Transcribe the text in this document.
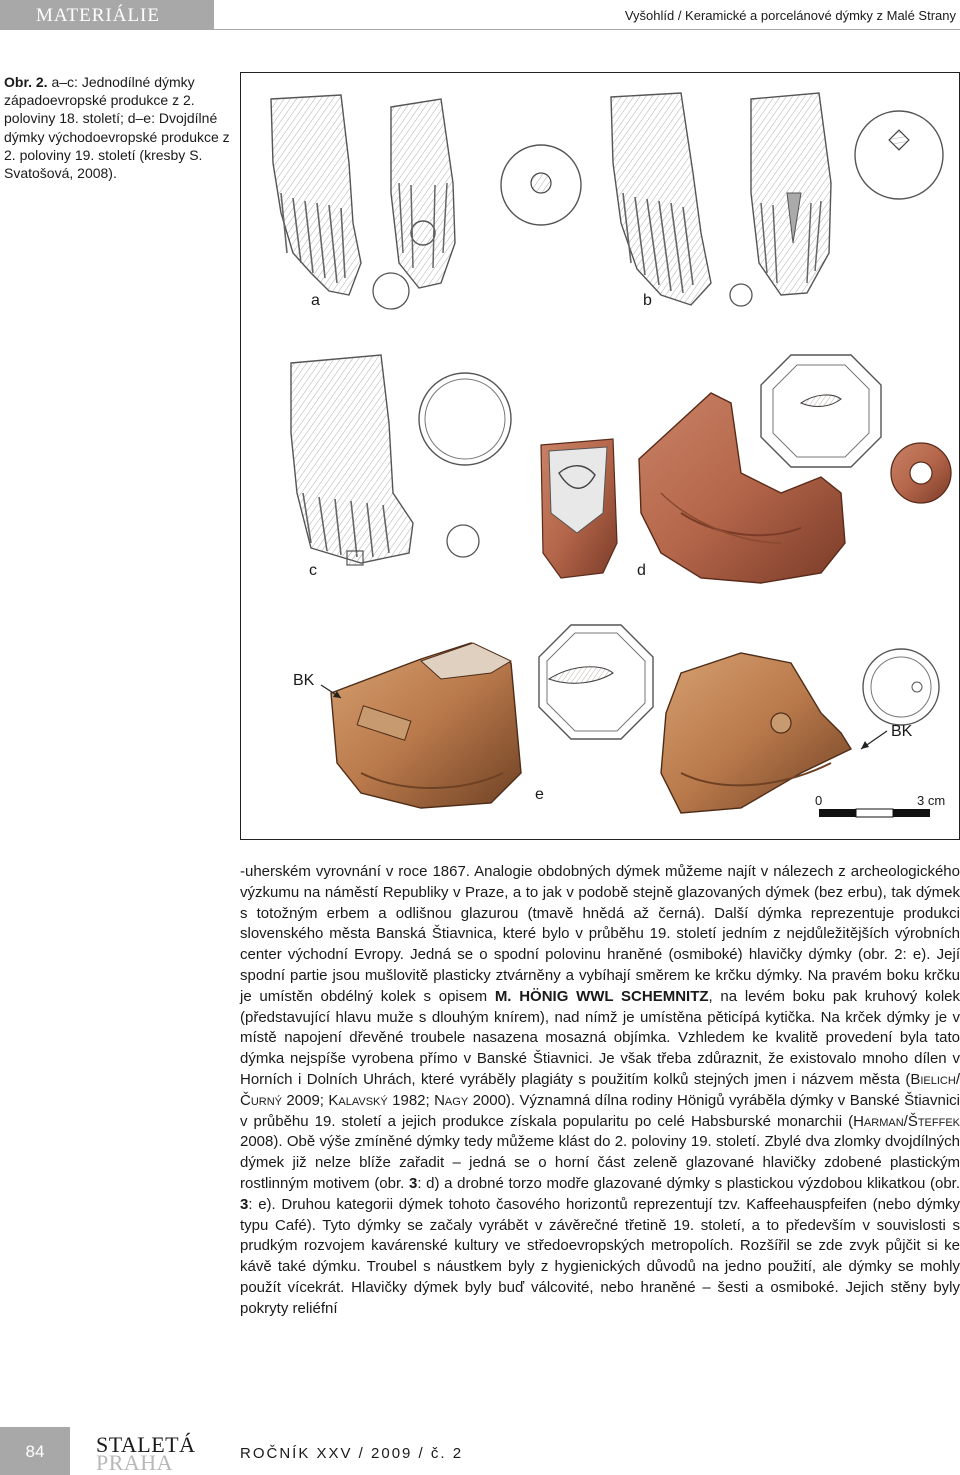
MATERIÁLIE	Vyšohlíd / Keramické a porcelánové dýmky z Malé Strany
Obr. 2. a–c: Jednodílné dýmky západoevropské produkce z 2. poloviny 18. století; d–e: Dvojdílné dýmky východoevropské produkce z 2. poloviny 19. století (kresby S. Svatošová, 2008).
a	b
c	d
BK
BK
e	0	3 cm

-uherském vyrovnání v roce 1867. Analogie obdobných dýmek můžeme najít v nálezech z archeologického výzkumu na náměstí Republiky v Praze, a to jak v podobě stejně glazovaných dýmek (bez erbu), tak dýmek s totožným erbem a odlišnou glazurou (tmavě hnědá až černá). Další dýmka reprezentuje produkci slovenského města Banská Štiavnica, které bylo v průběhu 19. století jedním z nejdůležitějších výrobních center východní Evropy. Jedná se o spodní polovinu hraněné (osmiboké) hlavičky dýmky (obr. 2: e). Její spodní partie jsou mušlovitě plasticky ztvárněny a vybíhají směrem ke krčku dýmky. Na pravém boku krčku je umístěn obdélný kolek s opisem M. HÖNIG WWL SCHEMNITZ, na levém boku pak kruhový kolek (představující hlavu muže s dlouhým knírem), nad nímž je umístěna pěticípá kytička. Na krček dýmky je v místě napojení dřevěné troubele nasazena mosazná objímka. Vzhledem ke kvalitě provedení byla tato dýmka nejspíše vyrobena přímo v Banské Štiavnici. Je však třeba zdůraznit, že existovalo mnoho dílen v Horních i Dolních Uhrách, které vyráběly plagiáty s použitím kolků stejných jmen i názvem města (Bielich/Čurný 2009; Kalavský 1982; Nagy 2000). Významná dílna rodiny Hönigů vyráběla dýmky v Banské Štiavnici v průběhu 19. století a jejich produkce získala popularitu po celé Habsburské monarchii (Harman/Šteffek 2008). Obě výše zmíněné dýmky tedy můžeme klást do 2. poloviny 19. století. Zbylé dva zlomky dvojdílných dýmek již nelze blíže zařadit – jedná se o horní část zeleně glazované hlavičky zdobené plastickým rostlinným motivem (obr. 3: d) a drobné torzo modře glazované dýmky s plastickou výzdobou klikatkou (obr. 3: e). Druhou kategorii dýmek tohoto časového horizontů reprezentují tzv. Kaffeehauspfeifen (nebo dýmky typu Café). Tyto dýmky se začaly vyrábět v závěrečné třetině 19. století, a to především v souvislosti s prudkým rozvojem kavárenské kultury ve středoevropských metropolích. Rozšířil se zde zvyk půjčit si ke kávě také dýmku. Troubel s náustkem byly z hygienických důvodů na jedno použití, ale dýmky se mohly použít vícekrát. Hlavičky dýmek byly buď válcovité, nebo hraněné – šesti a osmiboké. Jejich stěny byly pokryty reliéfní

84	STALETÁ
PRAHA	ROČNÍK XXV / 2009 / č. 2
